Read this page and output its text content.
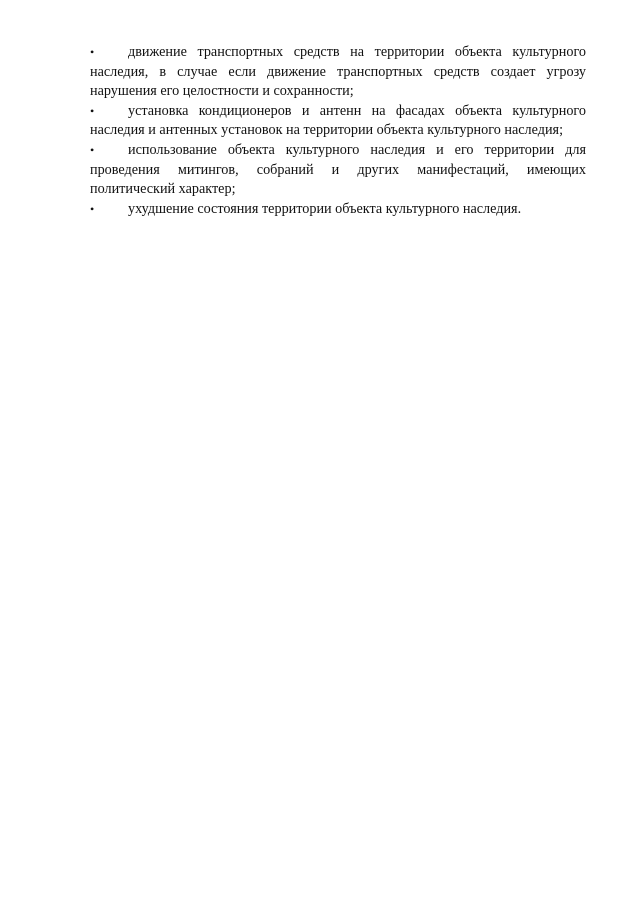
• движение транспортных средств на территории объекта культурного наследия, в случае если движение транспортных средств создает угрозу нарушения его целостности и сохранности;
• установка кондиционеров и антенн на фасадах объекта культурного наследия и антенных установок на территории объекта культурного наследия;
• использование объекта культурного наследия и его территории для проведения митингов, собраний и других манифестаций, имеющих политический характер;
• ухудшение состояния территории объекта культурного наследия.
